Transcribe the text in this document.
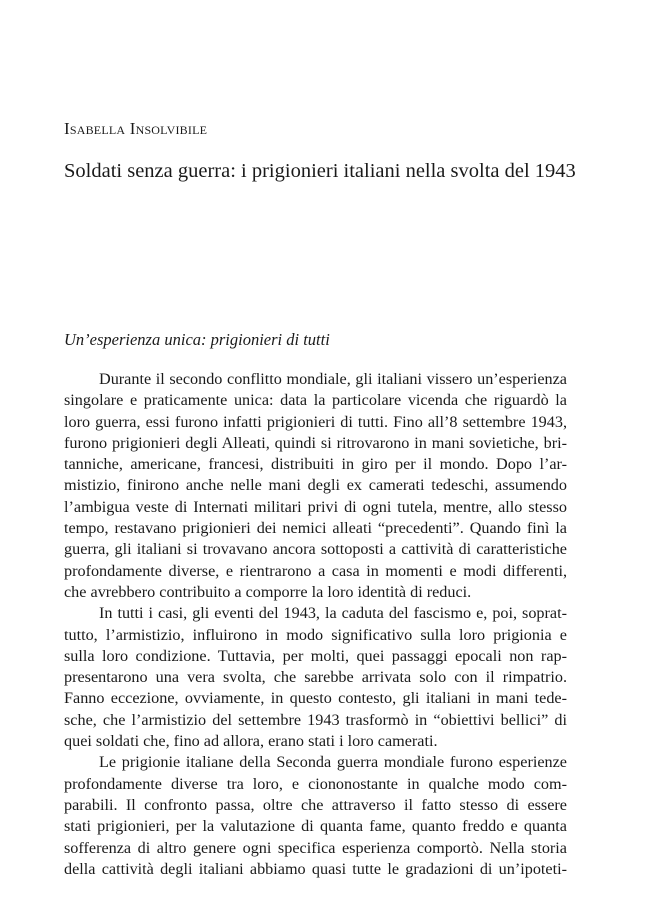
Isabella Insolvibile
Soldati senza guerra: i prigionieri italiani nella svolta del 1943
Un’esperienza unica: prigionieri di tutti
Durante il secondo conflitto mondiale, gli italiani vissero un’esperienza
singolare e praticamente unica: data la particolare vicenda che riguardò la
loro guerra, essi furono infatti prigionieri di tutti. Fino all’8 settembre 1943,
furono prigionieri degli Alleati, quindi si ritrovarono in mani sovietiche, bri-
tanniche, americane, francesi, distribuiti in giro per il mondo. Dopo l’ar-
mistizio, finirono anche nelle mani degli ex camerati tedeschi, assumendo
l’ambigua veste di Internati militari privi di ogni tutela, mentre, allo stesso
tempo, restavano prigionieri dei nemici alleati “precedenti”. Quando finì la
guerra, gli italiani si trovavano ancora sottoposti a cattività di caratteristiche
profondamente diverse, e rientrarono a casa in momenti e modi differenti,
che avrebbero contribuito a comporre la loro identità di reduci.
In tutti i casi, gli eventi del 1943, la caduta del fascismo e, poi, soprat-
tutto, l’armistizio, influirono in modo significativo sulla loro prigionia e
sulla loro condizione. Tuttavia, per molti, quei passaggi epocali non rap-
presentarono una vera svolta, che sarebbe arrivata solo con il rimpatrio.
Fanno eccezione, ovviamente, in questo contesto, gli italiani in mani tede-
sche, che l’armistizio del settembre 1943 trasformò in “obiettivi bellici” di
quei soldati che, fino ad allora, erano stati i loro camerati.
Le prigionie italiane della Seconda guerra mondiale furono esperienze
profondamente diverse tra loro, e ciononostante in qualche modo com-
parabili. Il confronto passa, oltre che attraverso il fatto stesso di essere
stati prigionieri, per la valutazione di quanta fame, quanto freddo e quanta
sofferenza di altro genere ogni specifica esperienza comportò. Nella storia
della cattività degli italiani abbiamo quasi tutte le gradazioni di un’ipoteti-
